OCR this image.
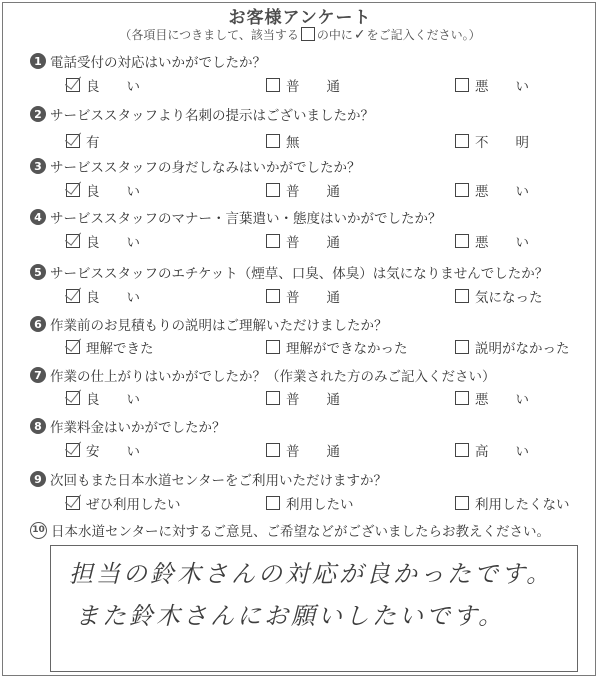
お客様アンケート
（各項目につきまして、該当する の中に✓をご記入ください。）
1 電話受付の対応はいかがでしたか？
良　　い	普　　通	悪　　い
2 サービススタッフより名刺の提示はございましたか？
有	無	不　　明
3 サービススタッフの身だしなみはいかがでしたか？
良　　い	普　　通	悪　　い
4 サービススタッフのマナー・言葉遣い・態度はいかがでしたか？
良　　い	普　　通	悪　　い
5 サービススタッフのエチケット（煙草、口臭、体臭）は気になりませんでしたか？
良　　い	普　　通	気になった
6 作業前のお見積もりの説明はご理解いただけましたか？
理解できた	理解ができなかった	説明がなかった
7 作業の仕上がりはいかがでしたか？（作業された方のみご記入ください）
良　　い	普　　通	悪　　い
8 作業料金はいかがでしたか？
安　　い	普　　通	高　　い
9 次回もまた日本水道センターをご利用いただけますか？
ぜひ利用したい	利用したい	利用したくない
10 日本水道センターに対するご意見、ご希望などがございましたらお教えください。
担当の鈴木さんの対応が良かったです。
また鈴木さんにお願いしたいです。
